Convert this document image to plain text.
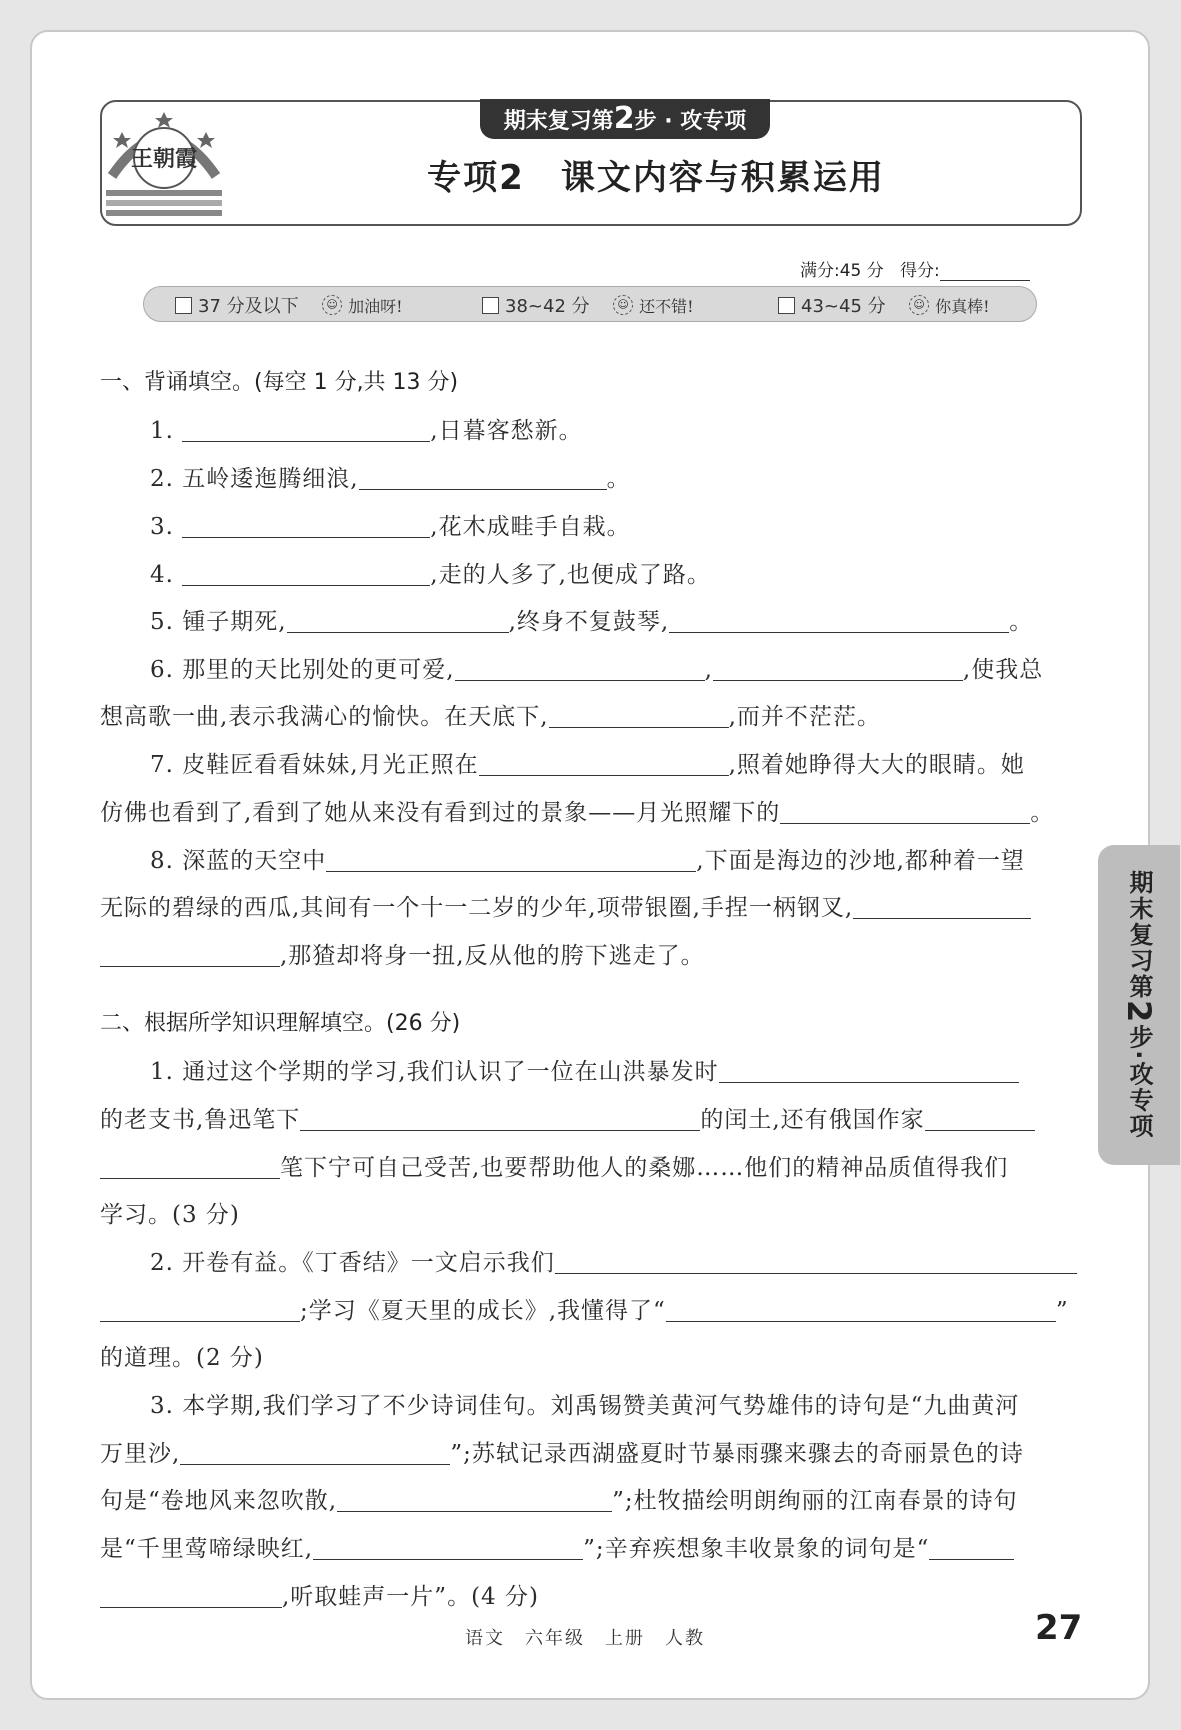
王朝霞
期末复习第2步 · 攻专项
专项2　课文内容与积累运用
满分:45 分 得分:
37 分及以下
	☺ 加油呀!	38~42 分
	☺ 还不错!	43~45 分
	☺ 你真棒!
一、背诵填空。(每空 1 分,共 13 分)
1.	,日暮客愁新。
2. 五岭逶迤腾细浪,	。
3.	,花木成畦手自栽。
4.	,走的人多了,也便成了路。
5. 锺子期死,	,终身不复鼓琴,	。
6. 那里的天比别处的更可爱,	,	,使我总
想高歌一曲,表示我满心的愉快。在天底下,	,而并不茫茫。
7. 皮鞋匠看看妹妹,月光正照在	,照着她睁得大大的眼睛。她
仿佛也看到了,看到了她从来没有看到过的景象——月光照耀下的	。
8. 深蓝的天空中	,下面是海边的沙地,都种着一望
无际的碧绿的西瓜,其间有一个十一二岁的少年,项带银圈,手捏一柄钢叉,
,那猹却将身一扭,反从他的胯下逃走了。
二、根据所学知识理解填空。(26 分)
1. 通过这个学期的学习,我们认识了一位在山洪暴发时
的老支书,鲁迅笔下	的闰土,还有俄国作家
笔下宁可自己受苦,也要帮助他人的桑娜……他们的精神品质值得我们
学习。(3 分)
2. 开卷有益。《丁香结》一文启示我们
;学习《夏天里的成长》,我懂得了“	”
的道理。(2 分)
3. 本学期,我们学习了不少诗词佳句。刘禹锡赞美黄河气势雄伟的诗句是“九曲黄河
万里沙,	”;苏轼记录西湖盛夏时节暴雨骤来骤去的奇丽景色的诗
句是“卷地风来忽吹散,	”;杜牧描绘明朗绚丽的江南春景的诗句
是“千里莺啼绿映红,	”;辛弃疾想象丰收景象的词句是“
,听取蛙声一片”。(4 分)
期末复习第2步·攻专项
语文　六年级　上册　人教	27
